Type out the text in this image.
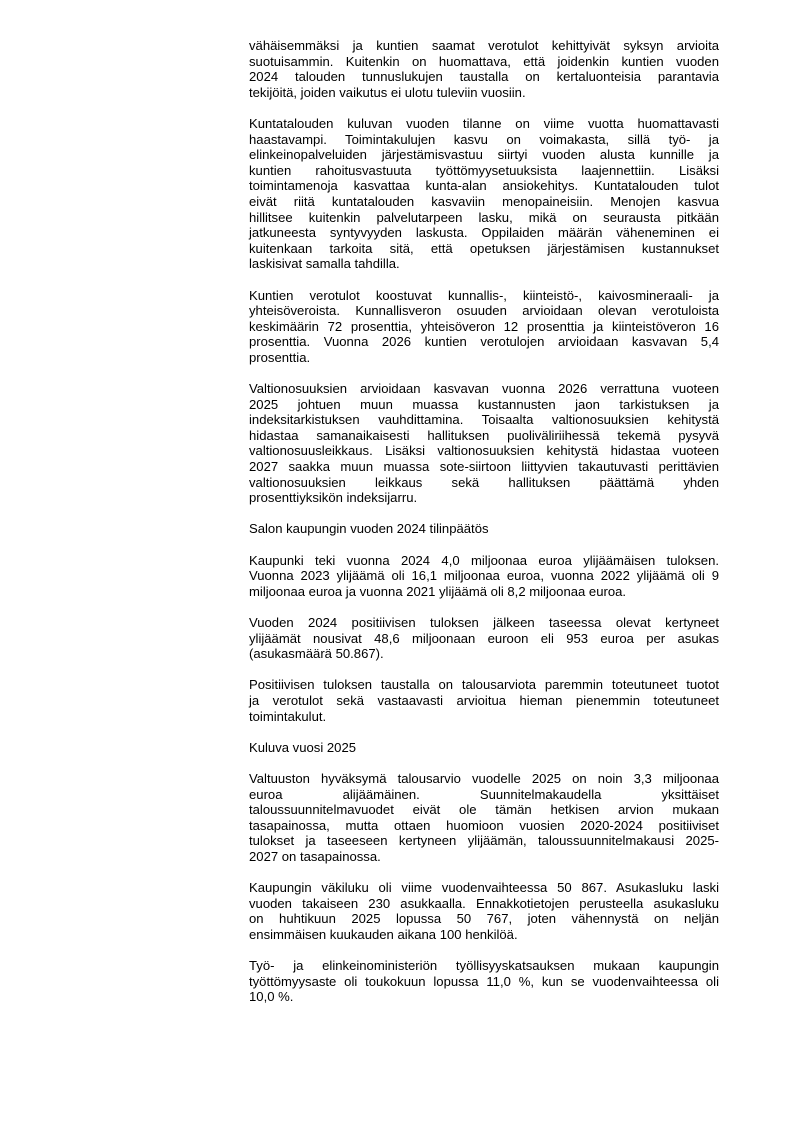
vähäisemmäksi ja kuntien saamat verotulot kehittyivät syksyn arvioita
suotuisammin. Kuitenkin on huomattava, että joidenkin kuntien vuoden
2024 talouden tunnuslukujen taustalla on kertaluonteisia parantavia
tekijöitä, joiden vaikutus ei ulotu tuleviin vuosiin.
Kuntatalouden kuluvan vuoden tilanne on viime vuotta huomattavasti
haastavampi. Toimintakulujen kasvu on voimakasta, sillä työ- ja
elinkeinopalveluiden järjestämisvastuu siirtyi vuoden alusta kunnille ja
kuntien rahoitusvastuuta työttömyysetuuksista laajennettiin. Lisäksi
toimintamenoja kasvattaa kunta-alan ansiokehitys. Kuntatalouden tulot
eivät riitä kuntatalouden kasvaviin menopaineisiin. Menojen kasvua
hillitsee kuitenkin palvelutarpeen lasku, mikä on seurausta pitkään
jatkuneesta syntyvyyden laskusta. Oppilaiden määrän väheneminen ei
kuitenkaan tarkoita sitä, että opetuksen järjestämisen kustannukset
laskisivat samalla tahdilla.
Kuntien verotulot koostuvat kunnallis-, kiinteistö-, kaivosmineraali- ja
yhteisöveroista. Kunnallisveron osuuden arvioidaan olevan verotuloista
keskimäärin 72 prosenttia, yhteisöveron 12 prosenttia ja kiinteistöveron 16
prosenttia. Vuonna 2026 kuntien verotulojen arvioidaan kasvavan 5,4
prosenttia.
Valtionosuuksien arvioidaan kasvavan vuonna 2026 verrattuna vuoteen
2025 johtuen muun muassa kustannusten jaon tarkistuksen ja
indeksitarkistuksen vauhdittamina. Toisaalta valtionosuuksien kehitystä
hidastaa samanaikaisesti hallituksen puoliväliriihessä tekemä pysyvä
valtionosuusleikkaus. Lisäksi valtionosuuksien kehitystä hidastaa vuoteen
2027 saakka muun muassa sote-siirtoon liittyvien takautuvasti perittävien
valtionosuuksien leikkaus sekä hallituksen päättämä yhden
prosenttiyksikön indeksijarru.
Salon kaupungin vuoden 2024 tilinpäätös
Kaupunki teki vuonna 2024 4,0 miljoonaa euroa ylijäämäisen tuloksen.
Vuonna 2023 ylijäämä oli 16,1 miljoonaa euroa, vuonna 2022 ylijäämä oli 9
miljoonaa euroa ja vuonna 2021 ylijäämä oli 8,2 miljoonaa euroa.
Vuoden 2024 positiivisen tuloksen jälkeen taseessa olevat kertyneet
ylijäämät nousivat 48,6 miljoonaan euroon eli 953 euroa per asukas
(asukasmäärä 50.867).
Positiivisen tuloksen taustalla on talousarviota paremmin toteutuneet tuotot
ja verotulot sekä vastaavasti arvioitua hieman pienemmin toteutuneet
toimintakulut.
Kuluva vuosi 2025
Valtuuston hyväksymä talousarvio vuodelle 2025 on noin 3,3 miljoonaa
euroa alijäämäinen. Suunnitelmakaudella yksittäiset
taloussuunnitelmavuodet eivät ole tämän hetkisen arvion mukaan
tasapainossa, mutta ottaen huomioon vuosien 2020-2024 positiiviset
tulokset ja taseeseen kertyneen ylijäämän, taloussuunnitelmakausi 2025-
2027 on tasapainossa.
Kaupungin väkiluku oli viime vuodenvaihteessa 50 867. Asukasluku laski
vuoden takaiseen 230 asukkaalla. Ennakkotietojen perusteella asukasluku
on huhtikuun 2025 lopussa 50 767, joten vähennystä on neljän
ensimmäisen kuukauden aikana 100 henkilöä.
Työ- ja elinkeinoministeriön työllisyyskatsauksen mukaan kaupungin
työttömyysaste oli toukokuun lopussa 11,0 %, kun se vuodenvaihteessa oli
10,0 %.
